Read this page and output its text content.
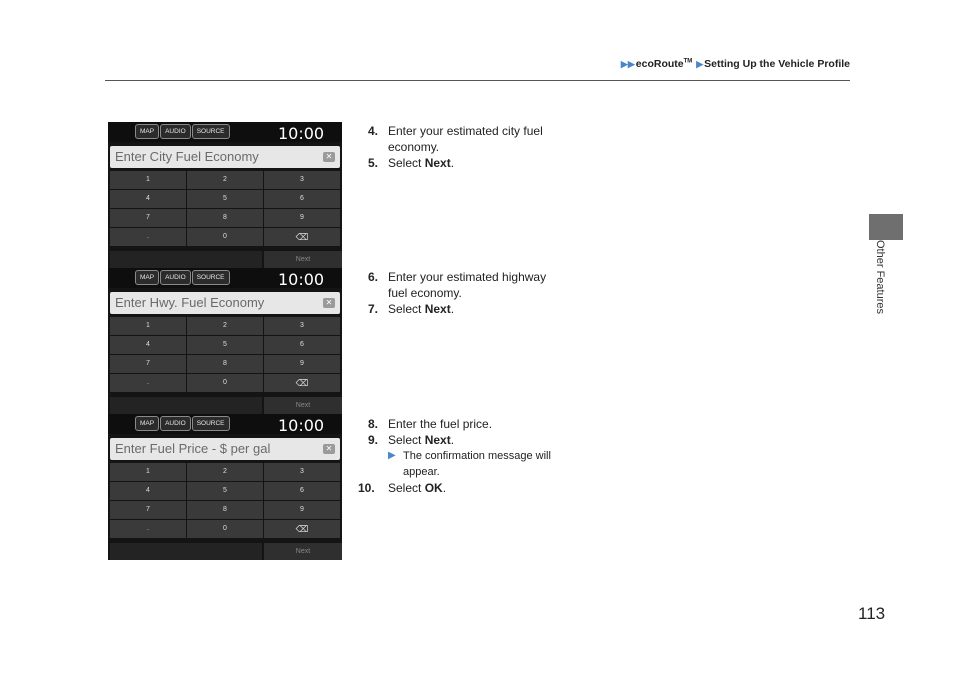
▶▶ecoRoute™ ▶Setting Up the Vehicle Profile
Other Features
MAP	AUDIO	SOURCE	10:00
Enter City Fuel Economy	✕
1	2	3
4	5	6
7	8	9
.	0	⌫
Next
MAP	AUDIO	SOURCE	10:00
Enter Hwy. Fuel Economy	✕
1	2	3
4	5	6
7	8	9
.	0	⌫
Next
MAP	AUDIO	SOURCE	10:00
Enter Fuel Price - $ per gal	✕
1	2	3
4	5	6
7	8	9
.	0	⌫
Next
4. Enter your estimated city fuel
economy.
5. Select Next.
6. Enter your estimated highway
fuel economy.
7. Select Next.
8. Enter the fuel price.
9. Select Next.
▶ The confirmation message will
appear.
10. Select OK.
113
